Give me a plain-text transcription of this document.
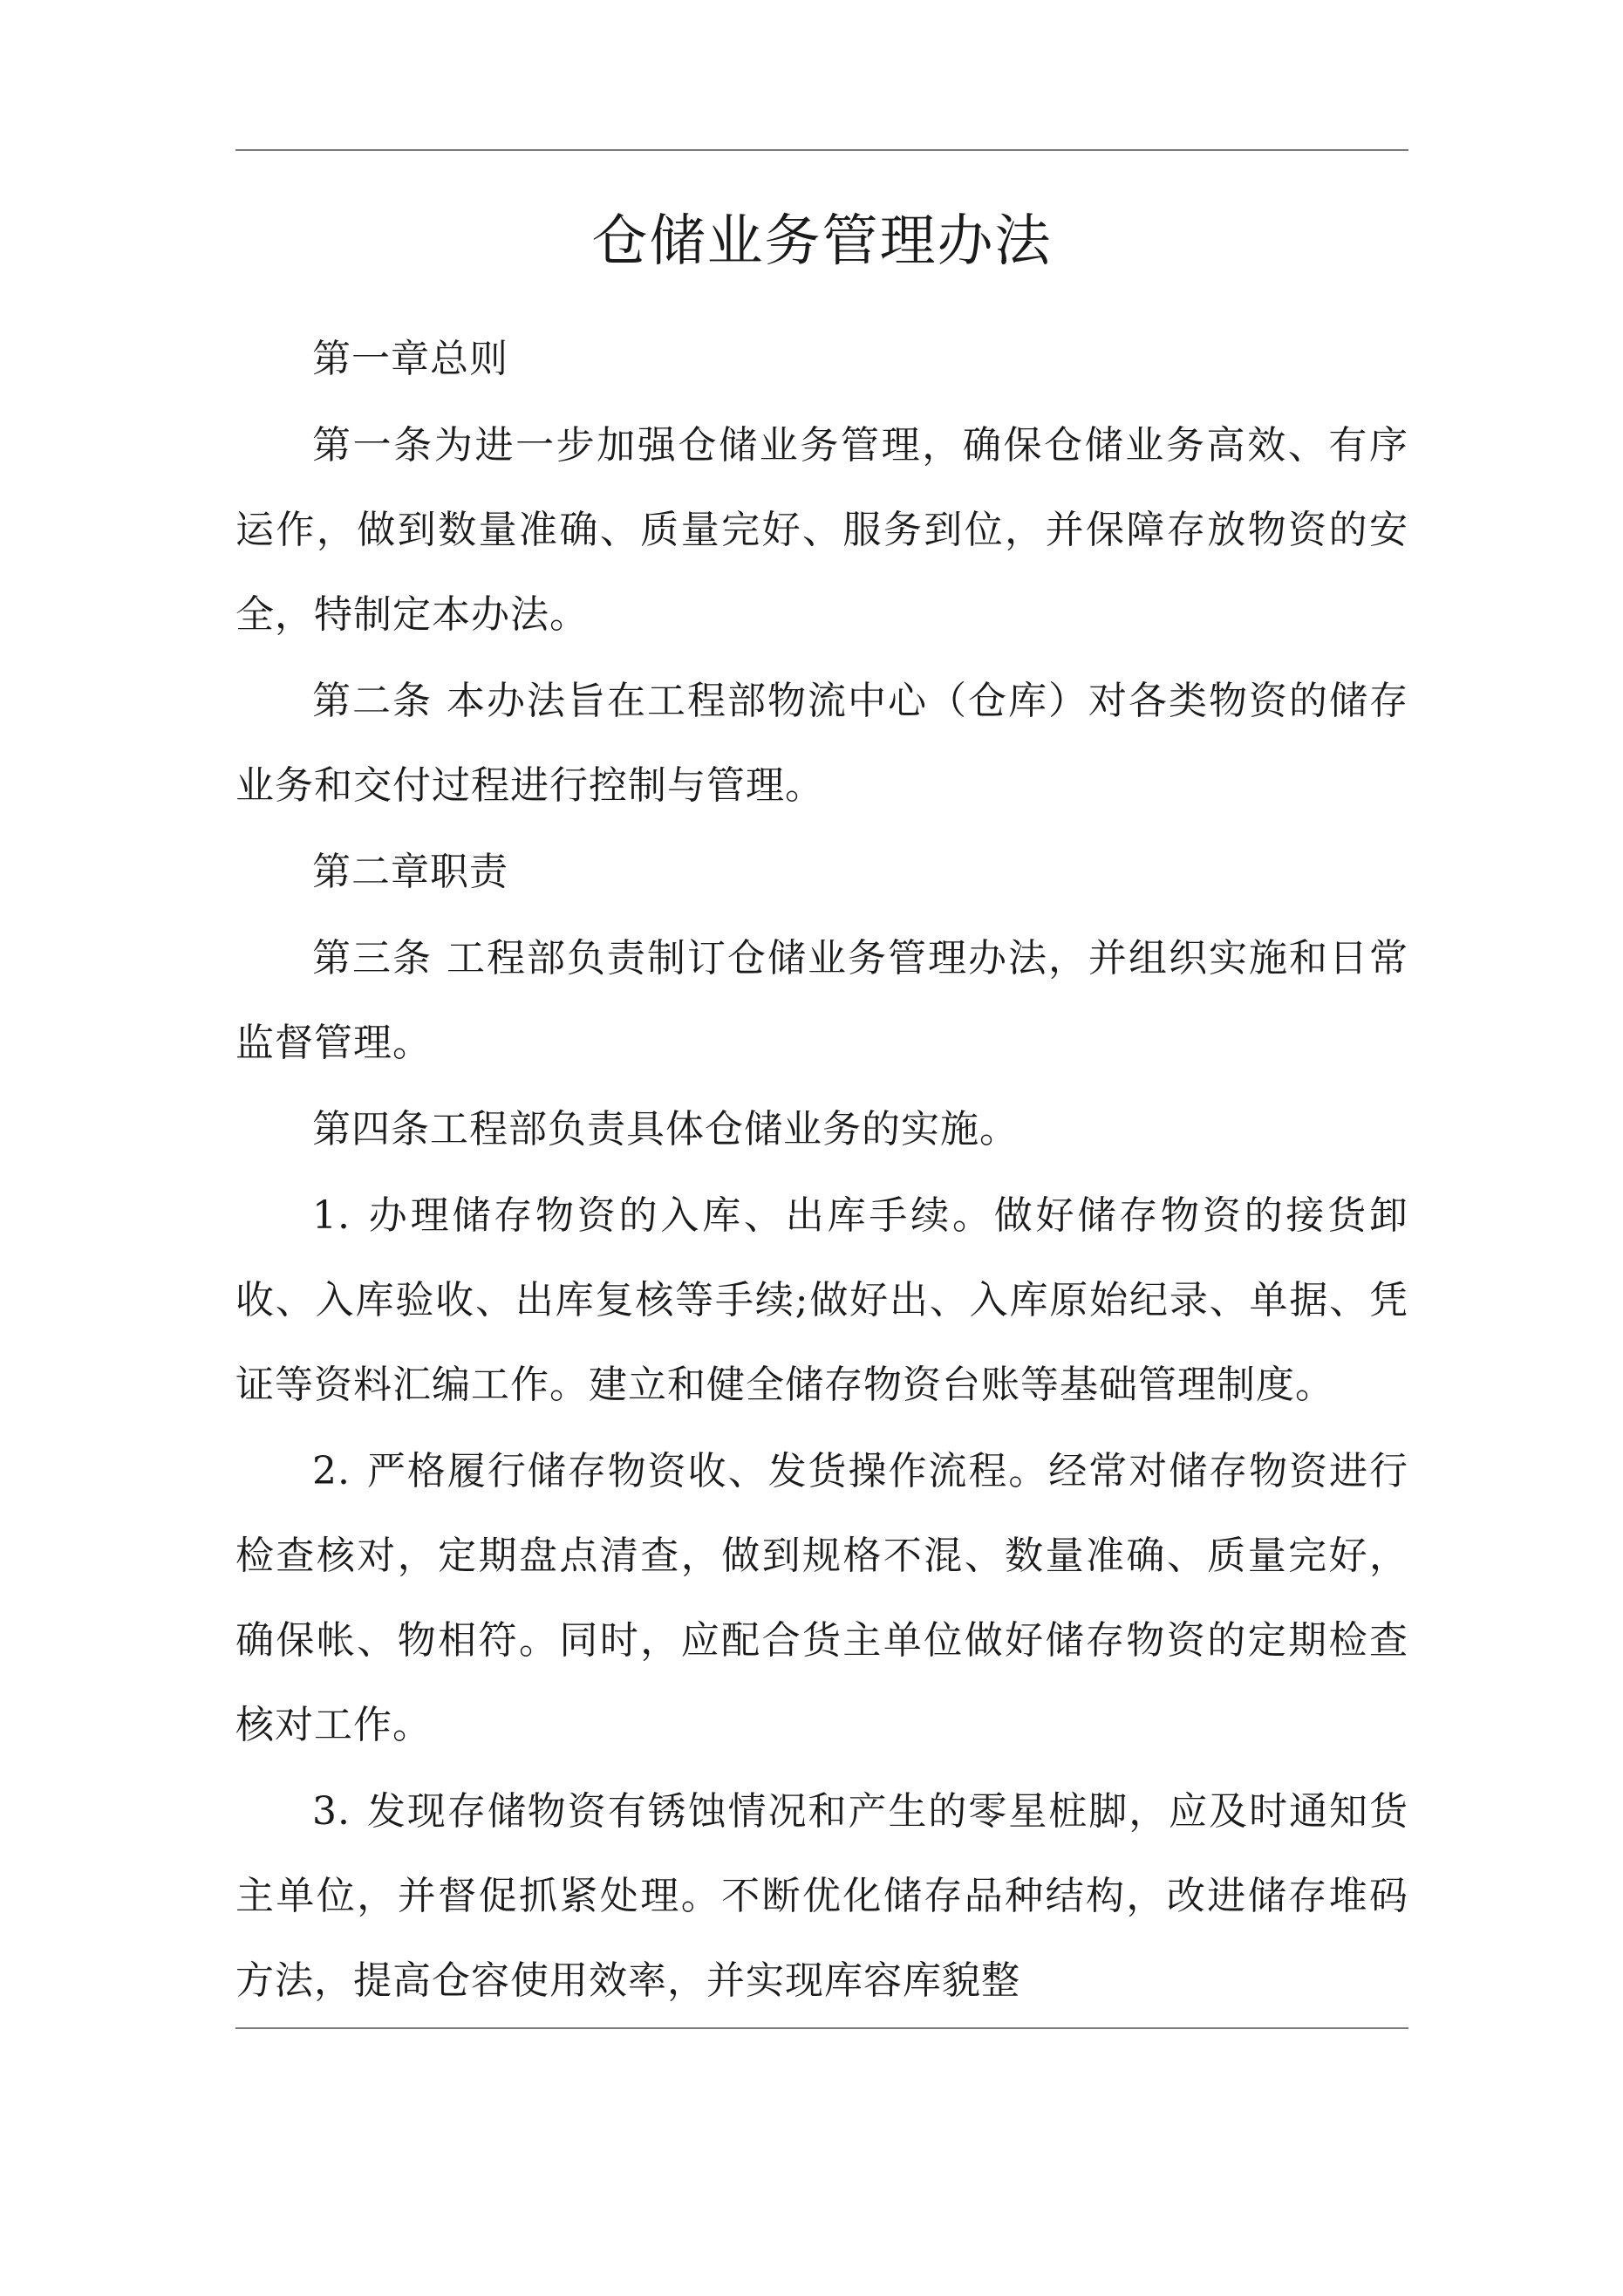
仓储业务管理办法

第一章总则

第一条为进一步加强仓储业务管理，确保仓储业务高效、有序运作，做到数量准确、质量完好、服务到位，并保障存放物资的安全，特制定本办法。

第二条 本办法旨在工程部物流中心（仓库）对各类物资的储存业务和交付过程进行控制与管理。

第二章职责

第三条 工程部负责制订仓储业务管理办法，并组织实施和日常监督管理。

第四条工程部负责具体仓储业务的实施。

1. 办理储存物资的入库、出库手续。做好储存物资的接货卸收、入库验收、出库复核等手续;做好出、入库原始纪录、单据、凭证等资料汇编工作。建立和健全储存物资台账等基础管理制度。

2. 严格履行储存物资收、发货操作流程。经常对储存物资进行检查核对，定期盘点清查，做到规格不混、数量准确、质量完好，确保帐、物相符。同时，应配合货主单位做好储存物资的定期检查核对工作。

3. 发现存储物资有锈蚀情况和产生的零星桩脚，应及时通知货主单位，并督促抓紧处理。不断优化储存品种结构，改进储存堆码方法，提高仓容使用效率，并实现库容库貌整
